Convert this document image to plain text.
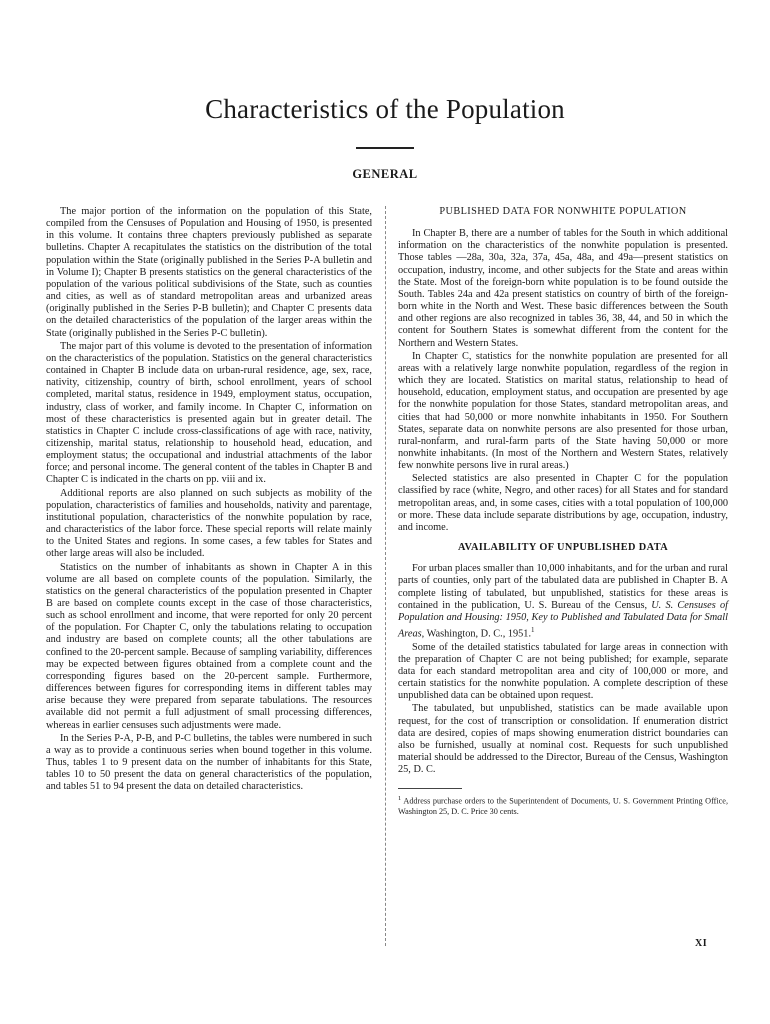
Characteristics of the Population
GENERAL

The major portion of the information on the population of this State, compiled from the Censuses of Population and Housing of 1950, is presented in this volume. It contains three chapters previously published as separate bulletins. Chapter A recapitulates the statistics on the distribution of the total population within the State (originally published in the Series P-A bulletin and in Volume I); Chapter B presents statistics on the general characteristics of the population of the various political subdivisions of the State, such as counties and cities, as well as of standard metropolitan areas and urbanized areas (originally published in the Series P-B bulletin); and Chapter C presents data on the detailed characteristics of the population of the larger areas within the State (originally published in the Series P-C bulletin).

The major part of this volume is devoted to the presentation of information on the characteristics of the population. Statistics on the general characteristics contained in Chapter B include data on urban-rural residence, age, sex, race, nativity, citizenship, country of birth, school enrollment, years of school completed, marital status, residence in 1949, employment status, occupation, industry, class of worker, and family income. In Chapter C, information on most of these characteristics is presented again but in greater detail. The statistics in Chapter C include cross-classifications of age with race, nativity, citizenship, marital status, relationship to household head, education, and employment status; the occupational and industrial attachments of the labor force; and personal income. The general content of the tables in Chapter B and Chapter C is indicated in the charts on pp. viii and ix.

Additional reports are also planned on such subjects as mobility of the population, characteristics of families and households, nativity and parentage, institutional population, characteristics of the nonwhite population by race, and characteristics of the labor force. These special reports will relate mainly to the United States and regions. In some cases, a few tables for States and other large areas will also be included.

Statistics on the number of inhabitants as shown in Chapter A in this volume are all based on complete counts of the population. Similarly, the statistics on the general characteristics of the population presented in Chapter B are based on complete counts except in the case of those characteristics, such as school enrollment and income, that were reported for only 20 percent of the population. For Chapter C, only the tabulations relating to occupation and industry are based on complete counts; all the other tabulations are confined to the 20-percent sample. Because of sampling variability, differences may be expected between figures obtained from a complete count and the corresponding figures based on the 20-percent sample. Furthermore, differences between figures for corresponding items in different tables may arise because they were prepared from separate tabulations. The resources available did not permit a full adjustment of small processing differences, whereas in earlier censuses such adjustments were made.

In the Series P-A, P-B, and P-C bulletins, the tables were numbered in such a way as to provide a continuous series when bound together in this volume. Thus, tables 1 to 9 present data on the number of inhabitants for this State, tables 10 to 50 present the data on general characteristics of the population, and tables 51 to 94 present the data on detailed characteristics.

PUBLISHED DATA FOR NONWHITE POPULATION

In Chapter B, there are a number of tables for the South in which additional information on the characteristics of the nonwhite population is presented. Those tables —28a, 30a, 32a, 37a, 45a, 48a, and 49a—present statistics on occupation, industry, income, and other subjects for the State and areas within the State. Most of the foreign-born white population is to be found outside the South. Tables 24a and 42a present statistics on country of birth of the foreign-born white in the North and West. These basic differences between the South and other regions are also recognized in tables 36, 38, 44, and 50 in which the content for Southern States is somewhat different from the content for the Northern and Western States.

In Chapter C, statistics for the nonwhite population are presented for all areas with a relatively large nonwhite population, regardless of the region in which they are located. Statistics on marital status, relationship to head of household, education, employment status, and occupation are presented by age for the nonwhite population for those States, standard metropolitan areas, and cities that had 50,000 or more nonwhite inhabitants in 1950. For Southern States, separate data on nonwhite persons are also presented for those urban, rural-nonfarm, and rural-farm parts of the State having 50,000 or more nonwhite inhabitants. (In most of the Northern and Western States, relatively few nonwhite persons live in rural areas.)

Selected statistics are also presented in Chapter C for the population classified by race (white, Negro, and other races) for all States and for standard metropolitan areas, and, in some cases, cities with a total population of 100,000 or more. These data include separate distributions by age, occupation, industry, and income.

AVAILABILITY OF UNPUBLISHED DATA

For urban places smaller than 10,000 inhabitants, and for the urban and rural parts of counties, only part of the tabulated data are published in Chapter B. A complete listing of tabulated, but unpublished, statistics for these areas is contained in the publication, U. S. Bureau of the Census, U. S. Censuses of Population and Housing: 1950, Key to Published and Tabulated Data for Small Areas, Washington, D. C., 1951.$^1$

Some of the detailed statistics tabulated for large areas in connection with the preparation of Chapter C are not being published; for example, separate data for each standard metropolitan area and city of 100,000 or more, and certain statistics for the nonwhite population. A complete description of these unpublished data can be obtained upon request.

The tabulated, but unpublished, statistics can be made available upon request, for the cost of transcription or consolidation. If enumeration district data are desired, copies of maps showing enumeration district boundaries can also be furnished, usually at nominal cost. Requests for such unpublished material should be addressed to the Director, Bureau of the Census, Washington 25, D. C.

$^1$ Address purchase orders to the Superintendent of Documents, U. S. Government Printing Office, Washington 25, D. C. Price 30 cents.
XI
